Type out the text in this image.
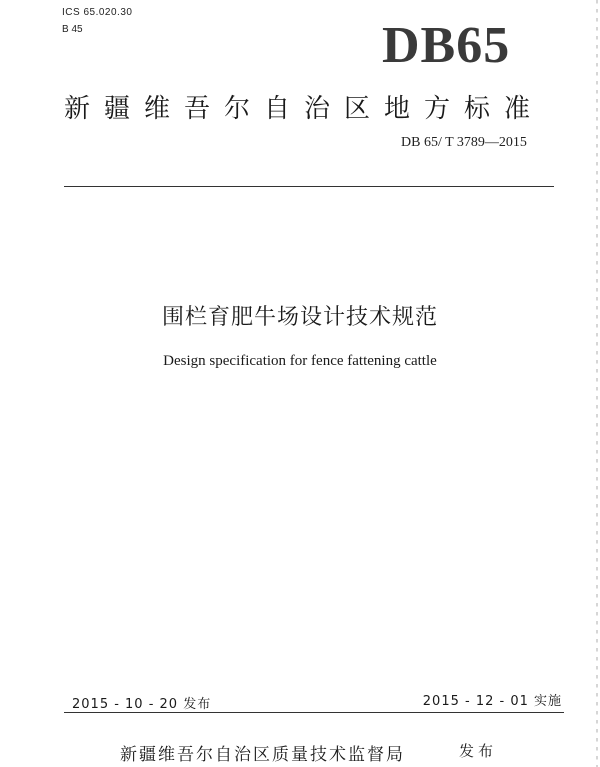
ICS 65.020.30
B 45	DB65
新疆维吾尔自治区地方标准
DB 65/ T 3789—2015
围栏育肥牛场设计技术规范
Design specification for fence fattening cattle
2015 - 10 - 20 发布	2015 - 12 - 01 实施
新疆维吾尔自治区质量技术监督局	发布
